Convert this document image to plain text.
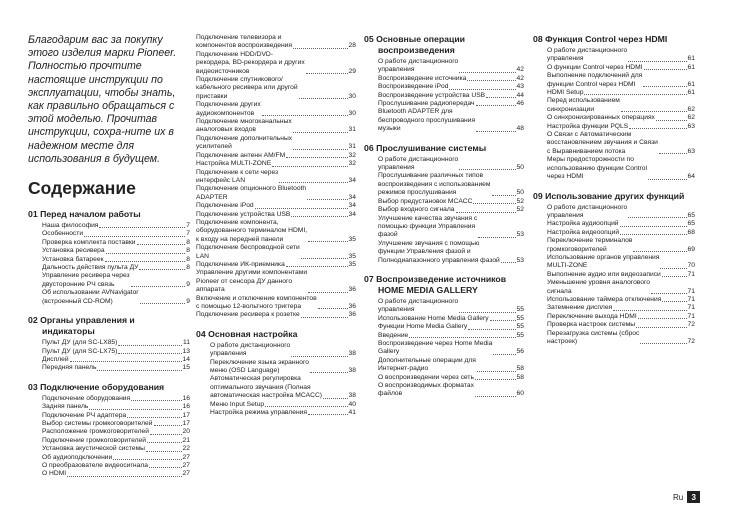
Благодарим вас за покупку этого изделия марки Pioneer. Полностью прочтите настоящие инструкции по эксплуатации, чтобы знать, как правильно обращаться с этой моделью. Прочитав инструкции, сохра-ните их в надежном месте для использования в будущем.

Содержание
01 Перед началом работы
Наша философия	7
Особенности	7
Проверка комплекта поставки	8
Установка ресивера	8
Установка батареек	8
Дальность действия пульта ДУ	8
Управление ресивера через
двусторонние РЧ связь	9
Об использовании AVNavigator
(встроенный CD-ROM)	9
02 Органы управления и
индикаторы
Пульт ДУ (для SC-LX85)	11
Пульт ДУ (для SC-LX75)	13
Дисплей	14
Передняя панель	15
03 Подключение оборудования
Подключение оборудования	16
Задняя панель	16
Подключение РЧ адаптера	17
Выбор системы громкоговорителей	17
Расположение громкоговорителей	20
Подключение громкоговорителей	21
Установка акустической системы	22
Об аудиоподключении	27
О преобразователе видеосигнала	27
О HDMI	27
Подключение телевизора и
компонентов воспроизведения	28
Подключение HDD/DVD-
рекордера, BD-рекордера и других
видеоисточников	29
Подключение спутникового/
кабельного ресивера или другой
приставки	30
Подключение других
аудиокомпонентов	30
Подключение многоканальных
аналоговых входов	31
Подключение дополнительных
усилителей	31
Подключение антенн AM/FM	32
Настройка MULTI-ZONE	32
Подключение к сети через
интерфейс LAN	34
Подключение опционного Bluetooth
ADAPTER	34
Подключение iPod	34
Подключение устройства USB	34
Подключение компонента,
оборудованного терминалом HDMI,
к входу на передней панели	35
Подключение беспроводной сети
LAN	35
Подключение ИК-приемника	35
Управление другими компонентами
Pioneer от сенсора ДУ данного
аппарата	36
Включение и отключение компонентов
с помощью 12-вольтного триггера	36
Подключение ресивера к розетке	36
04 Основная настройка
О работе дистанционного
управления	38
Переключение языка экранного
меню (OSD Language)	38
Автоматическая регулировка
оптимального звучания (Полная
автоматическая настройка MCACC)	38
Меню Input Setup	40
Настройка режима управления	41
05 Основные операции
воспроизведения
О работе дистанционного
управления	42
Воспроизведение источника	42
Воспроизведение iPod	43
Воспроизведение устройства USB	44
Прослушивание радиопередач	46
Bluetooth ADAPTER для
беспроводного прослушивания
музыки	48
06 Прослушивание системы
О работе дистанционного
управления	50
Прослушивание различных типов
воспроизведения с использованием
режимов прослушивания	50
Выбор предустановок MCACC	52
Выбор входного сигнала	52
Улучшение качества звучания с
помощью функции Управления
фазой	53
Улучшение звучания с помощью
функции Управления фазой и
Полнодиапазонного управления фазой	53
07 Воспроизведение источников
HOME MEDIA GALLERY
О работе дистанционного
управления	55
Использование Home Media Gallery	55
Функции Home Media Gallery	55
Введение	55
Воспроизведение через Home Media
Gallery	56
Дополнительные операции для
Интернет-радио	58
О воспроизведении через сеть	58
О воспроизводимых форматах
файлов	60
08 Функция Control через HDMI
О работе дистанционного
управления	61
О функции Control через HDMI	61
Выполнение подключений для
функции Control через HDMI	61
HDMI Setup	61
Перед использованием
синхронизации	62
О синхронизированных операциях	62
Настройка функции PQLS	63
О Связи с Автоматическим
восстановлением звучания и Связи
с Выравниванием потока	63
Меры предосторожности по
использованию функции Control
через HDMI	64
09 Использование других функций
О работе дистанционного
управления	65
Настройка аудиоопций	65
Настройка видеоопций	68
Переключение терминалов
громкоговорителей	69
Использование органов управления
MULTI-ZONE	70
Выполнение аудио или видеозаписи	71
Уменьшение уровня аналогового
сигнала	71
Использование таймера отключения	71
Затемнение дисплея	71
Переключение выхода HDMI	71
Проверка настроек системы	72
Перезагрузка системы (сброс
настроек)	72
Ru	3
